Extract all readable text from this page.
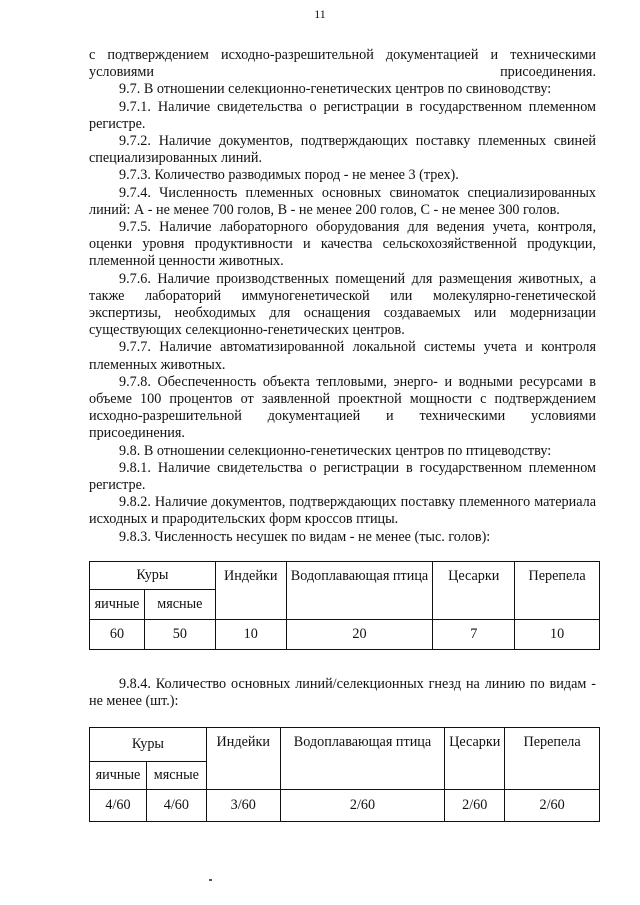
11

с подтверждением исходно-разрешительной документацией и техническими условиями присоединения.

9.7. В отношении селекционно-генетических центров по свиноводству:

9.7.1. Наличие свидетельства о регистрации в государственном племенном регистре.

9.7.2. Наличие документов, подтверждающих поставку племенных свиней специализированных линий.

9.7.3. Количество разводимых пород - не менее 3 (трех).

9.7.4. Численность племенных основных свиноматок специализированных линий: А - не менее 700 голов, В - не менее 200 голов, С - не менее 300 голов.

9.7.5. Наличие лабораторного оборудования для ведения учета, контроля, оценки уровня продуктивности и качества сельскохозяйственной продукции, племенной ценности животных.

9.7.6. Наличие производственных помещений для размещения животных, а также лабораторий иммуногенетической или молекулярно-генетической экспертизы, необходимых для оснащения создаваемых или модернизации существующих селекционно-генетических центров.

9.7.7. Наличие автоматизированной локальной системы учета и контроля племенных животных.

9.7.8. Обеспеченность объекта тепловыми, энерго- и водными ресурсами в объеме 100 процентов от заявленной проектной мощности с подтверждением исходно-разрешительной документацией и техническими условиями присоединения.

9.8. В отношении селекционно-генетических центров по птицеводству:

9.8.1. Наличие свидетельства о регистрации в государственном племенном регистре.

9.8.2. Наличие документов, подтверждающих поставку племенного материала исходных и прародительских форм кроссов птицы.

9.8.3. Численность несушек по видам - не менее (тыс. голов):

Куры		Индейки	Водоплавающая птица	Цесарки	Перепела
яичные	мясные				
60	50	10	20	7	10

9.8.4. Количество основных линий/селекционных гнезд на линию по видам - не менее (шт.):

Куры		Индейки	Водоплавающая птица	Цесарки	Перепела
яичные	мясные				
4/60	4/60	3/60	2/60	2/60	2/60
